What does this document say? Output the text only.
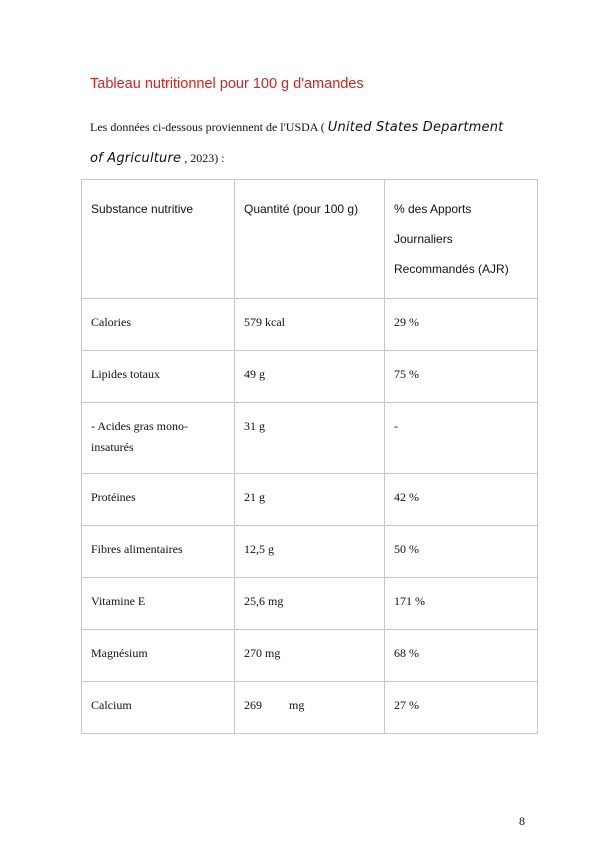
Tableau nutritionnel pour 100 g d'amandes

Les données ci-dessous proviennent de l'USDA ( United States Department of Agriculture , 2023) :

Substance nutritive	Quantité (pour 100 g)	% des Apports Journaliers Recommandés (AJR)
Calories	579 kcal	29 %
Lipides totaux	49 g	75 %
- Acides gras mono-insaturés	31 g	-
Protéines	21 g	42 %
Fibres alimentaires	12,5 g	50 %
Vitamine E	25,6 mg	171 %
Magnésium	270 mg	68 %
Calcium	269 mg	27 %
8
